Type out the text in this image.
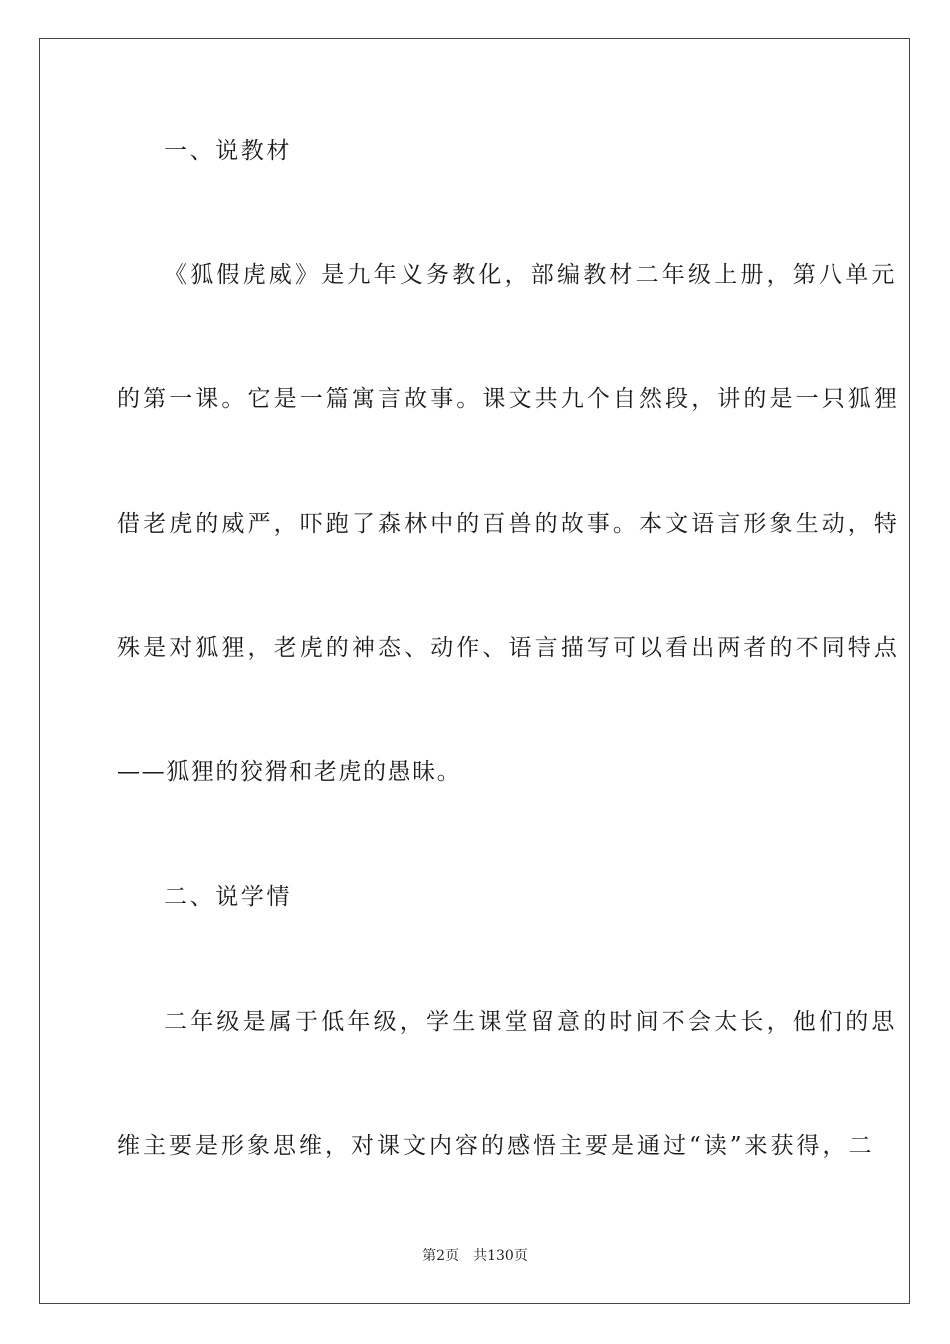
一、说教材
《狐假虎威》是九年义务教化，部编教材二年级上册，第八单元
的第一课。它是一篇寓言故事。课文共九个自然段，讲的是一只狐狸
借老虎的威严，吓跑了森林中的百兽的故事。本文语言形象生动，特
殊是对狐狸，老虎的神态、动作、语言描写可以看出两者的不同特点
——狐狸的狡猾和老虎的愚昧。
二、说学情
二年级是属于低年级，学生课堂留意的时间不会太长，他们的思
维主要是形象思维，对课文内容的感悟主要是通过“读”来获得，二
第2页 共130页
